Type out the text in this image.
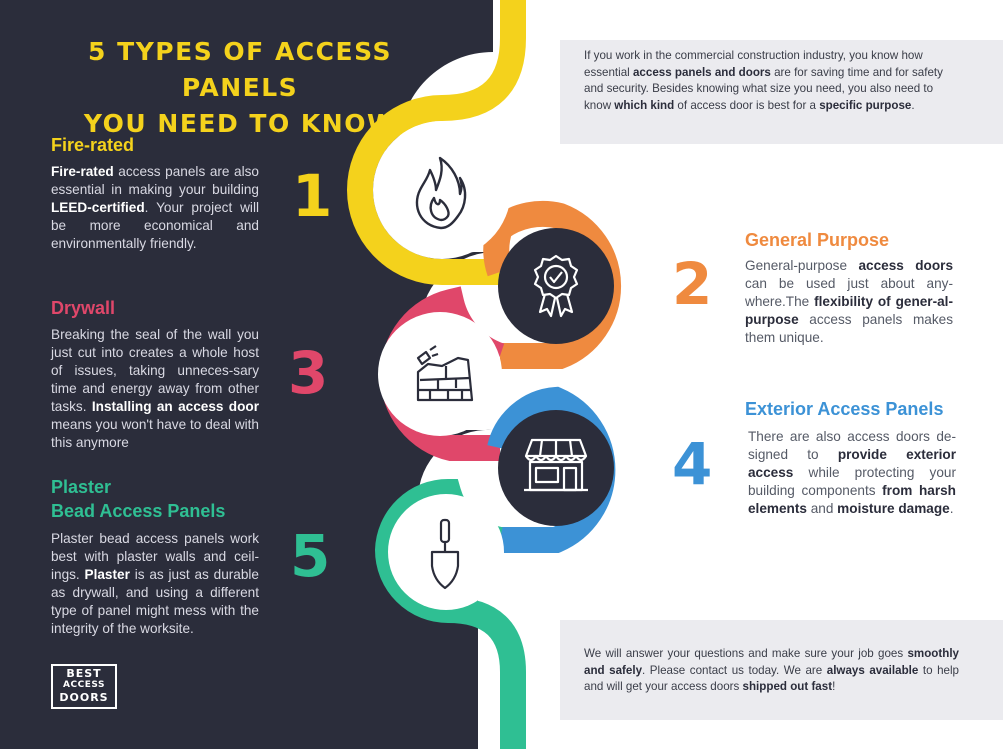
5 TYPES OF ACCESS PANELS
YOU NEED TO KNOW
If you work in the commercial construction industry, you know how essential access panels and doors are for saving time and for safety and security. Besides knowing what size you need, you also need to know which kind of access door is best for a specific purpose.
Fire-rated
Fire-rated access panels are also essential in making your building LEED-certified. Your project will be more economical and environmentally friendly.
1
General Purpose
General-purpose access doors can be used just about any-where.The flexibility of gener-al-purpose access panels makes them unique.
2
Drywall
Breaking the seal of the wall you just cut into creates a whole host of issues, taking unneces-sary time and energy away from other tasks. Installing an access door means you won't have to deal with this anymore
3
Exterior Access Panels
There are also access doors de-signed to provide exterior access while protecting your building components from harsh elements and moisture damage.
4
Plaster
Bead Access Panels
Plaster bead access panels work best with plaster walls and ceil-ings. Plaster is as just as durable as drywall, and using a different type of panel might mess with the integrity of the worksite.
5
We will answer your questions and make sure your job goes smoothly and safely. Please contact us today. We are always available to help and will get your access doors shipped out fast!
BEST
ACCESS
DOORS
